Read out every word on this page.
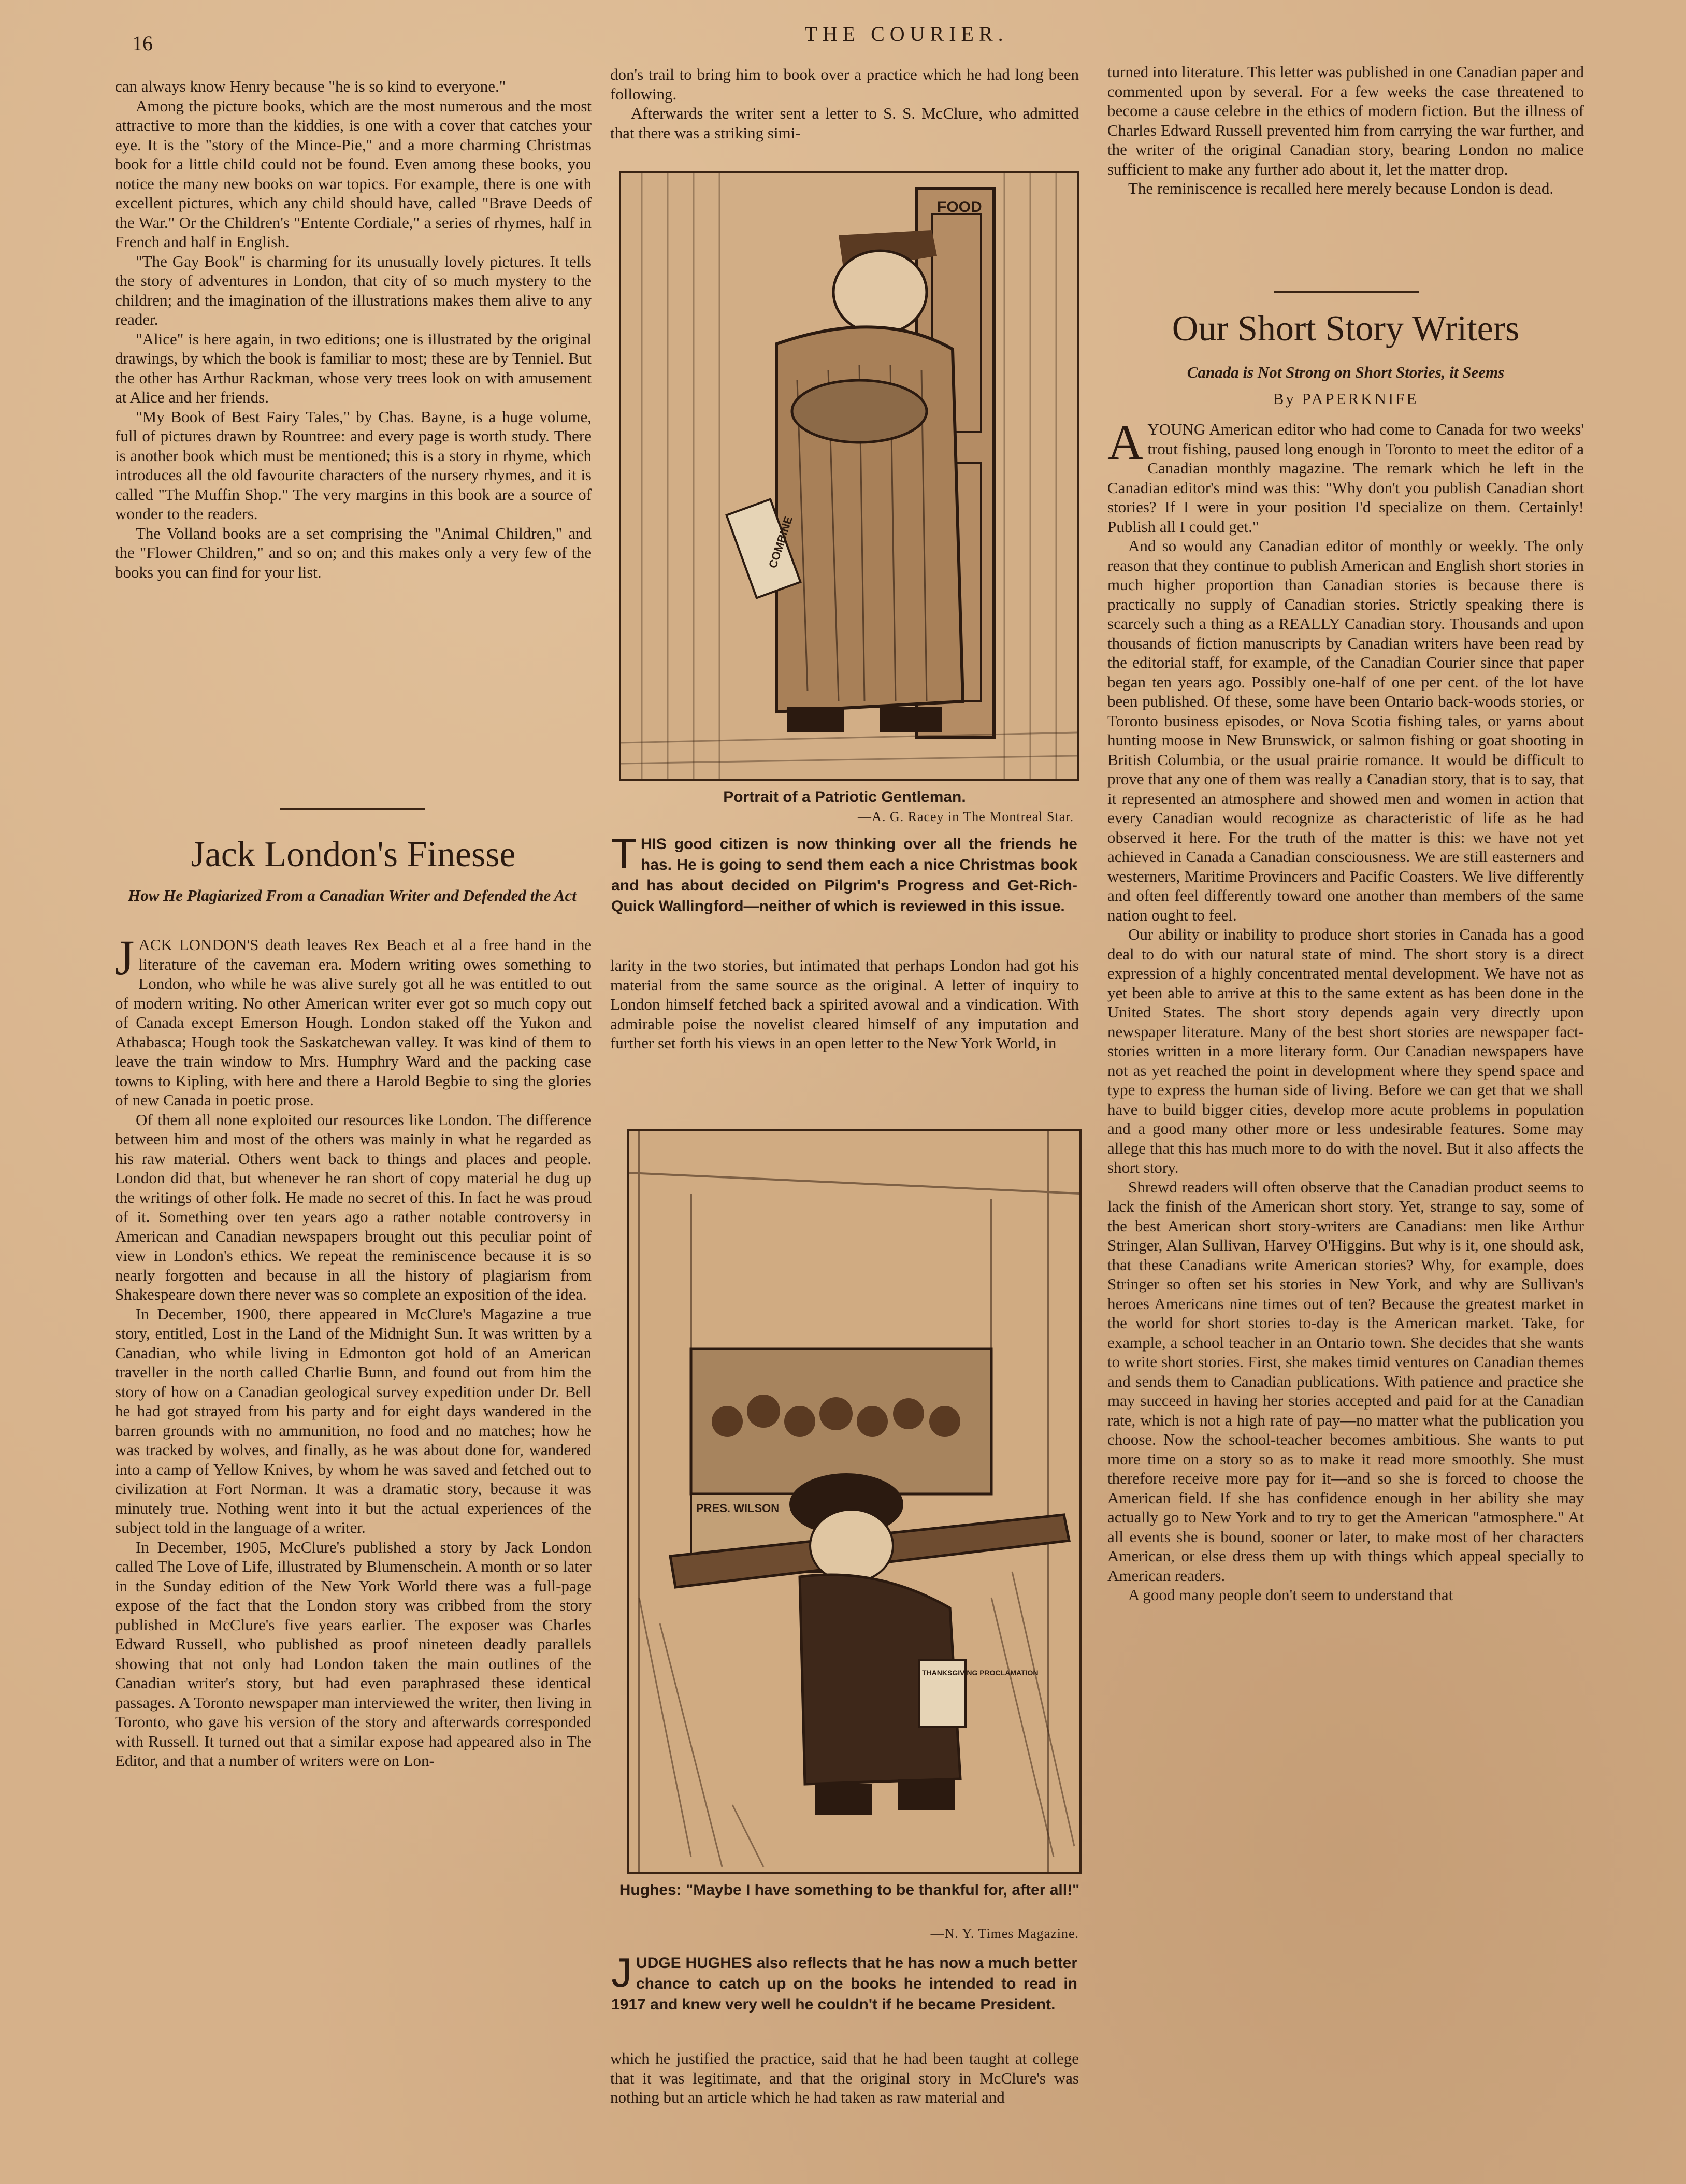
16	THE COURIER.

can always know Henry because "he is so kind to everyone."

Among the picture books, which are the most numerous and the most attractive to more than the kiddies, is one with a cover that catches your eye. It is the "story of the Mince-Pie," and a more charming Christmas book for a little child could not be found. Even among these books, you notice the many new books on war topics. For example, there is one with excellent pictures, which any child should have, called "Brave Deeds of the War." Or the Children's "Entente Cordiale," a series of rhymes, half in French and half in English.

"The Gay Book" is charming for its unusually lovely pictures. It tells the story of adventures in London, that city of so much mystery to the children; and the imagination of the illustrations makes them alive to any reader.

"Alice" is here again, in two editions; one is illustrated by the original drawings, by which the book is familiar to most; these are by Tenniel. But the other has Arthur Rackman, whose very trees look on with amusement at Alice and her friends.

"My Book of Best Fairy Tales," by Chas. Bayne, is a huge volume, full of pictures drawn by Rountree: and every page is worth study. There is another book which must be mentioned; this is a story in rhyme, which introduces all the old favourite characters of the nursery rhymes, and it is called "The Muffin Shop." The very margins in this book are a source of wonder to the readers.

The Volland books are a set comprising the "Animal Children," and the "Flower Children," and so on; and this makes only a very few of the books you can find for your list.

Jack London's Finesse
How He Plagiarized From a Canadian Writer and Defended the Act

JACK LONDON'S death leaves Rex Beach et al a free hand in the literature of the caveman era. Modern writing owes something to London, who while he was alive surely got all he was entitled to out of modern writing. No other American writer ever got so much copy out of Canada except Emerson Hough. London staked off the Yukon and Athabasca; Hough took the Saskatchewan valley. It was kind of them to leave the train window to Mrs. Humphry Ward and the packing case towns to Kipling, with here and there a Harold Begbie to sing the glories of new Canada in poetic prose.

Of them all none exploited our resources like London. The difference between him and most of the others was mainly in what he regarded as his raw material. Others went back to things and places and people. London did that, but whenever he ran short of copy material he dug up the writings of other folk. He made no secret of this. In fact he was proud of it. Something over ten years ago a rather notable controversy in American and Canadian newspapers brought out this peculiar point of view in London's ethics. We repeat the reminiscence because it is so nearly forgotten and because in all the history of plagiarism from Shakespeare down there never was so complete an exposition of the idea.

In December, 1900, there appeared in McClure's Magazine a true story, entitled, Lost in the Land of the Midnight Sun. It was written by a Canadian, who while living in Edmonton got hold of an American traveller in the north called Charlie Bunn, and found out from him the story of how on a Canadian geological survey expedition under Dr. Bell he had got strayed from his party and for eight days wandered in the barren grounds with no ammunition, no food and no matches; how he was tracked by wolves, and finally, as he was about done for, wandered into a camp of Yellow Knives, by whom he was saved and fetched out to civilization at Fort Norman. It was a dramatic story, because it was minutely true. Nothing went into it but the actual experiences of the subject told in the language of a writer.

In December, 1905, McClure's published a story by Jack London called The Love of Life, illustrated by Blumenschein. A month or so later in the Sunday edition of the New York World there was a full-page expose of the fact that the London story was cribbed from the story published in McClure's five years earlier. The exposer was Charles Edward Russell, who published as proof nineteen deadly parallels showing that not only had London taken the main outlines of the Canadian writer's story, but had even paraphrased these identical passages. A Toronto newspaper man interviewed the writer, then living in Toronto, who gave his version of the story and afterwards corresponded with Russell. It turned out that a similar expose had appeared also in The Editor, and that a number of writers were on Lon-

don's trail to bring him to book over a practice which he had long been following.

Afterwards the writer sent a letter to S. S. McClure, who admitted that there was a striking simi-

COMBINE
FOOD
Portrait of a Patriotic Gentleman.
—A. G. Racey in The Montreal Star.

THIS good citizen is now thinking over all the friends he has. He is going to send them each a nice Christmas book and has about decided on Pilgrim's Progress and Get-Rich-Quick Wallingford—neither of which is reviewed in this issue.

larity in the two stories, but intimated that perhaps London had got his material from the same source as the original. A letter of inquiry to London himself fetched back a spirited avowal and a vindication. With admirable poise the novelist cleared himself of any imputation and further set forth his views in an open letter to the New York World, in

PRES. WILSON
THANKSGIVING PROCLAMATION
Hughes: "Maybe I have something to be thankful for, after all!"
—N. Y. Times Magazine.

JUDGE HUGHES also reflects that he has now a much better chance to catch up on the books he intended to read in 1917 and knew very well he couldn't if he became President.

which he justified the practice, said that he had been taught at college that it was legitimate, and that the original story in McClure's was nothing but an article which he had taken as raw material and

turned into literature. This letter was published in one Canadian paper and commented upon by several. For a few weeks the case threatened to become a cause celebre in the ethics of modern fiction. But the illness of Charles Edward Russell prevented him from carrying the war further, and the writer of the original Canadian story, bearing London no malice sufficient to make any further ado about it, let the matter drop.

The reminiscence is recalled here merely because London is dead.

Our Short Story Writers
Canada is Not Strong on Short Stories, it Seems
By PAPERKNIFE

AYOUNG American editor who had come to Canada for two weeks' trout fishing, paused long enough in Toronto to meet the editor of a Canadian monthly magazine. The remark which he left in the Canadian editor's mind was this: "Why don't you publish Canadian short stories? If I were in your position I'd specialize on them. Certainly! Publish all I could get."

And so would any Canadian editor of monthly or weekly. The only reason that they continue to publish American and English short stories in much higher proportion than Canadian stories is because there is practically no supply of Canadian stories. Strictly speaking there is scarcely such a thing as a REALLY Canadian story. Thousands and upon thousands of fiction manuscripts by Canadian writers have been read by the editorial staff, for example, of the Canadian Courier since that paper began ten years ago. Possibly one-half of one per cent. of the lot have been published. Of these, some have been Ontario back-woods stories, or Toronto business episodes, or Nova Scotia fishing tales, or yarns about hunting moose in New Brunswick, or salmon fishing or goat shooting in British Columbia, or the usual prairie romance. It would be difficult to prove that any one of them was really a Canadian story, that is to say, that it represented an atmosphere and showed men and women in action that every Canadian would recognize as characteristic of life as he had observed it here. For the truth of the matter is this: we have not yet achieved in Canada a Canadian consciousness. We are still easterners and westerners, Maritime Provincers and Pacific Coasters. We live differently and often feel differently toward one another than members of the same nation ought to feel.

Our ability or inability to produce short stories in Canada has a good deal to do with our natural state of mind. The short story is a direct expression of a highly concentrated mental development. We have not as yet been able to arrive at this to the same extent as has been done in the United States. The short story depends again very directly upon newspaper literature. Many of the best short stories are newspaper fact-stories written in a more literary form. Our Canadian newspapers have not as yet reached the point in development where they spend space and type to express the human side of living. Before we can get that we shall have to build bigger cities, develop more acute problems in population and a good many other more or less undesirable features. Some may allege that this has much more to do with the novel. But it also affects the short story.

Shrewd readers will often observe that the Canadian product seems to lack the finish of the American short story. Yet, strange to say, some of the best American short story-writers are Canadians: men like Arthur Stringer, Alan Sullivan, Harvey O'Higgins. But why is it, one should ask, that these Canadians write American stories? Why, for example, does Stringer so often set his stories in New York, and why are Sullivan's heroes Americans nine times out of ten? Because the greatest market in the world for short stories to-day is the American market. Take, for example, a school teacher in an Ontario town. She decides that she wants to write short stories. First, she makes timid ventures on Canadian themes and sends them to Canadian publications. With patience and practice she may succeed in having her stories accepted and paid for at the Canadian rate, which is not a high rate of pay—no matter what the publication you choose. Now the school-teacher becomes ambitious. She wants to put more time on a story so as to make it read more smoothly. She must therefore receive more pay for it—and so she is forced to choose the American field. If she has confidence enough in her ability she may actually go to New York and to try to get the American "atmosphere." At all events she is bound, sooner or later, to make most of her characters American, or else dress them up with things which appeal specially to American readers.

A good many people don't seem to understand that
